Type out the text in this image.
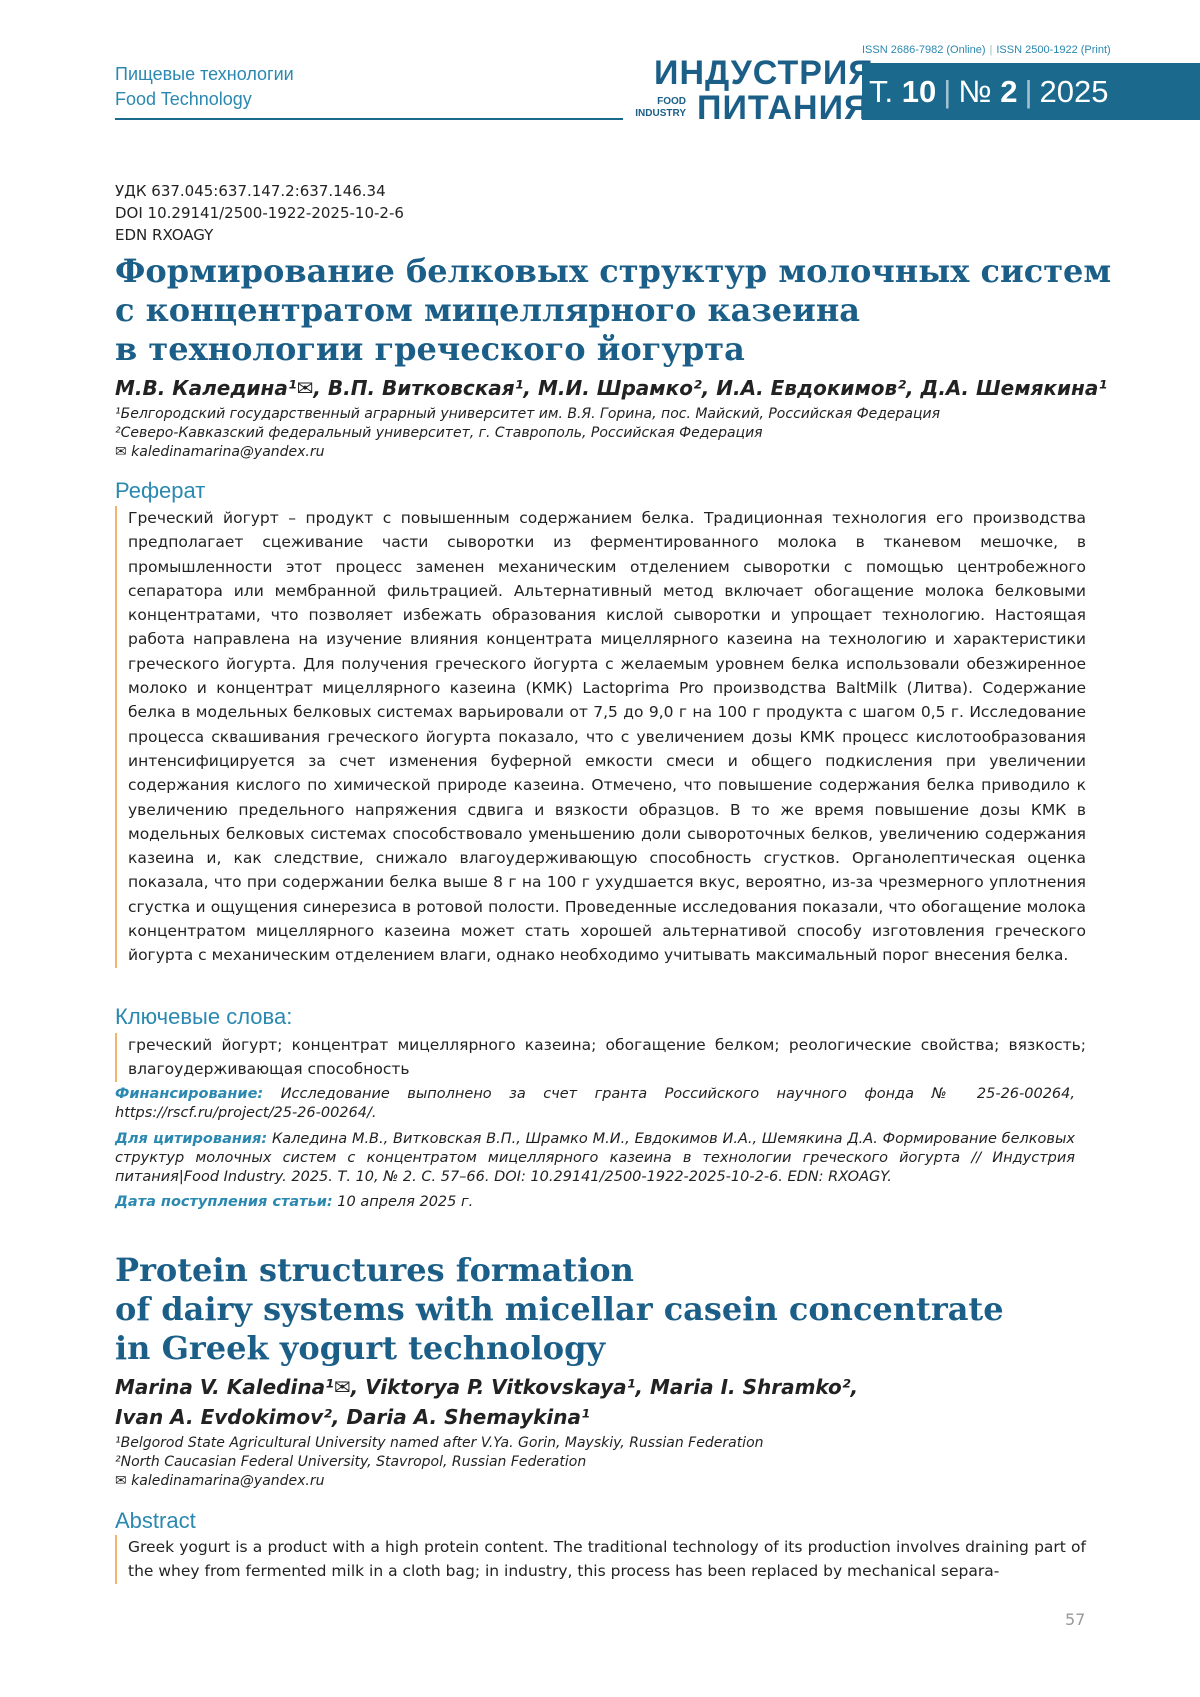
Пищевые технологии
Food Technology
ISSN 2686-7982 (Online) | ISSN 2500-1922 (Print)
ИНДУСТРИЯ
FOOD
INDUSTRY ПИТАНИЯ Т. 10 | № 2 | 2025
УДК 637.045:637.147.2:637.146.34
DOI 10.29141/2500-1922-2025-10-2-6
EDN RXOAGY
Формирование белковых структур молочных систем
с концентратом мицеллярного казеина
в технологии греческого йогурта
М.В. Каледина¹✉, В.П. Витковская¹, М.И. Шрамко², И.А. Евдокимов², Д.А. Шемякина¹
¹Белгородский государственный аграрный университет им. В.Я. Горина, пос. Майский, Российская Федерация
²Северо-Кавказский федеральный университет, г. Ставрополь, Российская Федерация
✉ kaledinamarina@yandex.ru
Реферат
Греческий йогурт – продукт с повышенным содержанием белка. Традиционная технология его производства предполагает сцеживание части сыворотки из ферментированного молока в тканевом мешочке, в промышленности этот процесс заменен механическим отделением сыворотки с помощью центробежного сепаратора или мембранной фильтрацией. Альтернативный метод включает обогащение молока белковыми концентратами, что позволяет избежать образования кислой сыворотки и упрощает технологию. Настоящая работа направлена на изучение влияния концентрата мицеллярного казеина на технологию и характеристики греческого йогурта. Для получения греческого йогурта с желаемым уровнем белка использовали обезжиренное молоко и концентрат мицеллярного казеина (КМК) Lactoprima Pro производства BaltMilk (Литва). Содержание белка в модельных белковых системах варьировали от 7,5 до 9,0 г на 100 г продукта с шагом 0,5 г. Исследование процесса сквашивания греческого йогурта показало, что с увеличением дозы КМК процесс кислотообразования интенсифицируется за счет изменения буферной емкости смеси и общего подкисления при увеличении содержания кислого по химической природе казеина. Отмечено, что повышение содержания белка приводило к увеличению предельного напряжения сдвига и вязкости образцов. В то же время повышение дозы КМК в модельных белковых системах способствовало уменьшению доли сывороточных белков, увеличению содержания казеина и, как следствие, снижало влагоудерживающую способность сгустков. Органолептическая оценка показала, что при содержании белка выше 8 г на 100 г ухудшается вкус, вероятно, из-за чрезмерного уплотнения сгустка и ощущения синерезиса в ротовой полости. Проведенные исследования показали, что обогащение молока концентратом мицеллярного казеина может стать хорошей альтернативой способу изготовления греческого йогурта с механическим отделением влаги, однако необходимо учитывать максимальный порог внесения белка.
Ключевые слова:
греческий йогурт; концентрат мицеллярного казеина; обогащение белком; реологические свойства; вязкость; влагоудерживающая способность
Финансирование: Исследование выполнено за счет гранта Российского научного фонда № 25-26-00264, https://rscf.ru/project/25-26-00264/.
Для цитирования: Каледина М.В., Витковская В.П., Шрамко М.И., Евдокимов И.А., Шемякина Д.А. Формирование белковых структур молочных систем с концентратом мицеллярного казеина в технологии греческого йогурта // Индустрия питания|Food Industry. 2025. Т. 10, № 2. С. 57–66. DOI: 10.29141/2500-1922-2025-10-2-6. EDN: RXOAGY.
Дата поступления статьи: 10 апреля 2025 г.
Protein structures formation
of dairy systems with micellar casein concentrate
in Greek yogurt technology
Marina V. Kaledina¹✉, Viktorya P. Vitkovskaya¹, Maria I. Shramko²,
Ivan A. Evdokimov², Daria A. Shemaykina¹
¹Belgorod State Agricultural University named after V.Ya. Gorin, Mayskiy, Russian Federation
²North Caucasian Federal University, Stavropol, Russian Federation
✉ kaledinamarina@yandex.ru
Abstract
Greek yogurt is a product with a high protein content. The traditional technology of its production involves draining part of the whey from fermented milk in a cloth bag; in industry, this process has been replaced by mechanical separa-
57
